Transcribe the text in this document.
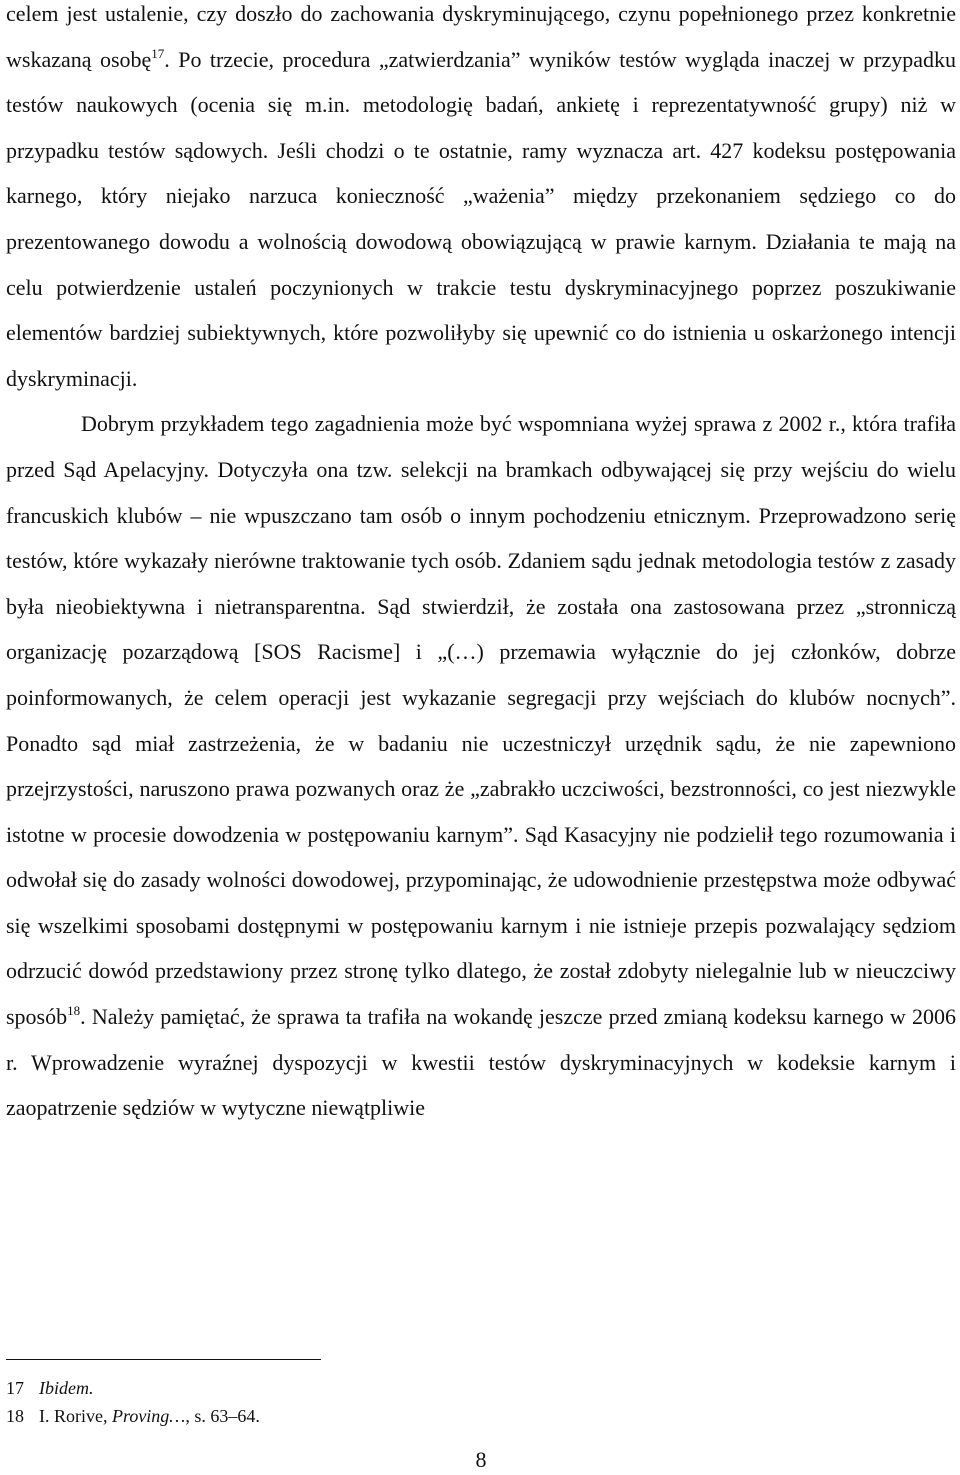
celem jest ustalenie, czy doszło do zachowania dyskryminującego, czynu popełnionego przez konkretnie wskazaną osobę$^{17}$. Po trzecie, procedura „zatwierdzania” wyników testów wygląda inaczej w przypadku testów naukowych (ocenia się m.in. metodologię badań, ankietę i reprezentatywność grupy) niż w przypadku testów sądowych. Jeśli chodzi o te ostatnie, ramy wyznacza art. 427 kodeksu postępowania karnego, który niejako narzuca konieczność „ważenia” między przekonaniem sędziego co do prezentowanego dowodu a wolnością dowodową obowiązującą w prawie karnym. Działania te mają na celu potwierdzenie ustaleń poczynionych w trakcie testu dyskryminacyjnego poprzez poszukiwanie elementów bardziej subiektywnych, które pozwoliłyby się upewnić co do istnienia u oskarżonego intencji dyskryminacji.

Dobrym przykładem tego zagadnienia może być wspomniana wyżej sprawa z 2002 r., która trafiła przed Sąd Apelacyjny. Dotyczyła ona tzw. selekcji na bramkach odbywającej się przy wejściu do wielu francuskich klubów – nie wpuszczano tam osób o innym pochodzeniu etnicznym. Przeprowadzono serię testów, które wykazały nierówne traktowanie tych osób. Zdaniem sądu jednak metodologia testów z zasady była nieobiektywna i nietransparentna. Sąd stwierdził, że została ona zastosowana przez „stronniczą organizację pozarządową [SOS Racisme] i „(…) przemawia wyłącznie do jej członków, dobrze poinformowanych, że celem operacji jest wykazanie segregacji przy wejściach do klubów nocnych”. Ponadto sąd miał zastrzeżenia, że w badaniu nie uczestniczył urzędnik sądu, że nie zapewniono przejrzystości, naruszono prawa pozwanych oraz że „zabrakło uczciwości, bezstronności, co jest niezwykle istotne w procesie dowodzenia w postępowaniu karnym”. Sąd Kasacyjny nie podzielił tego rozumowania i odwołał się do zasady wolności dowodowej, przypominając, że udowodnienie przestępstwa może odbywać się wszelkimi sposobami dostępnymi w postępowaniu karnym i nie istnieje przepis pozwalający sędziom odrzucić dowód przedstawiony przez stronę tylko dlatego, że został zdobyty nielegalnie lub w nieuczciwy sposób$^{18}$. Należy pamiętać, że sprawa ta trafiła na wokandę jeszcze przed zmianą kodeksu karnego w 2006 r. Wprowadzenie wyraźnej dyspozycji w kwestii testów dyskryminacyjnych w kodeksie karnym i zaopatrzenie sędziów w wytyczne niewątpliwie

17 Ibidem.
18 I. Rorive, Proving…, s. 63–64.
8
